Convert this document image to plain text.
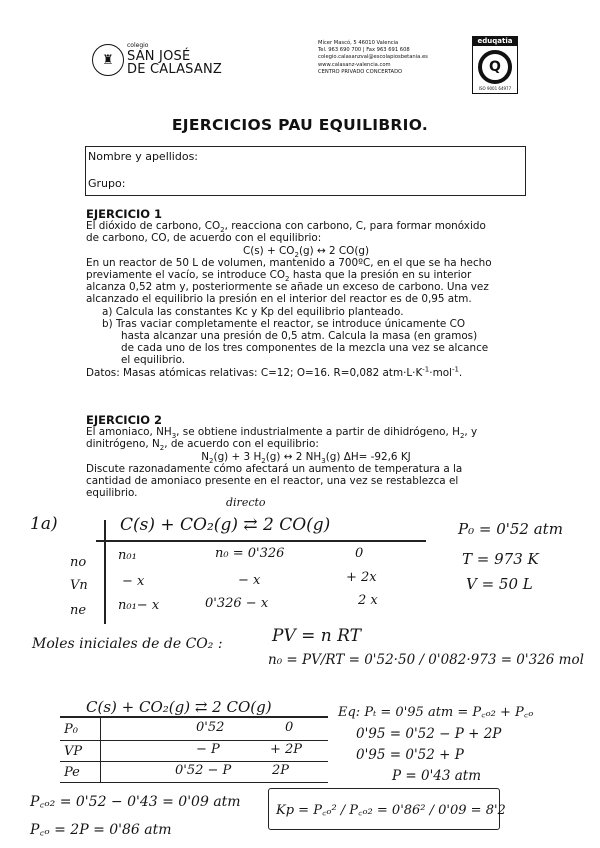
♜
colegio
SAN JOSÉ
DE CALASANZ
Mícer Mascó, 5 46010 Valencia
Tel. 963 690 700 | Fax 963 691 608
colegio.calasanzval@escolapiosbetania.es
www.calasanz-valencia.com
CENTRO PRIVADO CONCERTADO
eduqatia
Q
ISO 9001 64977
EJERCICIOS PAU EQUILIBRIO.
Nombre y apellidos:
Grupo:
EJERCICIO 1
El dióxido de carbono, $CO_2$, reacciona con carbono, C, para formar monóxido
de carbono, CO, de acuerdo con el equilibrio:
$C(s) + CO_2(g)$ ↔ 2 CO(g)
En un reactor de 50 L de volumen, mantenido a 700ºC, en el que se ha hecho
previamente el vacío, se introduce $CO_2$ hasta que la presión en su interior
alcanza 0,52 atm y, posteriormente se añade un exceso de carbono. Una vez
alcanzado el equilibrio la presión en el interior del reactor es de 0,95 atm.
a) Calcula las constantes Kc y Kp del equilibrio planteado.
b) Tras vaciar completamente el reactor, se introduce únicamente CO
hasta alcanzar una presión de 0,5 atm. Calcula la masa (en gramos)
de cada uno de los tres componentes de la mezcla una vez se alcance
el equilibrio.
Datos: Masas atómicas relativas: C=12; O=16. R=0,082 $atm\cdot L\cdot K^{-1}\cdot mol^{-1}$.
EJERCICIO 2
El amoniaco, $NH_3$, se obtiene industrialmente a partir de dihidrógeno, $H_2$, y
dinitrógeno, $N_2$, de acuerdo con el equilibrio:
$N_2(g) + 3$ $H_2(g)$ ↔ 2 $NH_3(g)$ ΔH= -92,6 KJ
Discute razonadamente cómo afectará un aumento de temperatura a la
cantidad de amoniaco presente en el reactor, una vez se restablezca el
equilibrio.
1a)
directo
C(s) + CO₂(g) ⇄ 2 CO(g)
no
Vn
ne
n₀₁
− x
n₀₁− x
n₀ = 0'326
− x
0'326 − x
0
+ 2x
2 x
P₀ = 0'52 atm
T = 973 K
V = 50 L
Moles iniciales de de CO₂ :	PV = n RT
n₀ = PV/RT = 0'52·50 / 0'082·973 = 0'326 mol
C(s) + CO₂(g) ⇄ 2 CO(g)
P₀
VP
Pe
0'52
− P
0'52 − P
0
+ 2P
2P
Eq: Pₜ = 0'95 atm = P꜀ₒ₂ + P꜀ₒ
0'95 = 0'52 − P + 2P
0'95 = 0'52 + P
P = 0'43 atm
P꜀ₒ₂ = 0'52 − 0'43 = 0'09 atm
P꜀ₒ = 2P = 0'86 atm
Kp = P꜀ₒ² / P꜀ₒ₂ = 0'86² / 0'09 = 8'2
